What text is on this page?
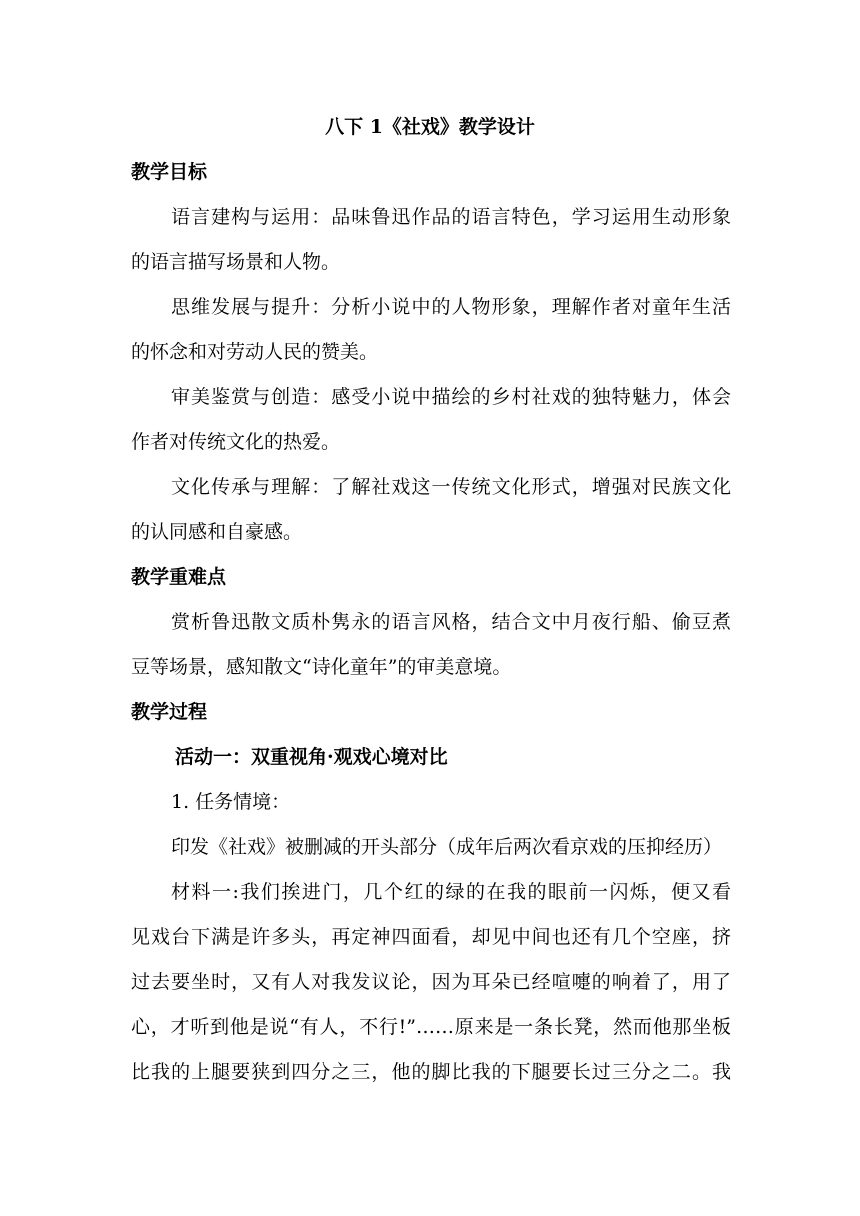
八下 1《社戏》教学设计
教学目标
语言建构与运用：品味鲁迅作品的语言特色，学习运用生动形象
的语言描写场景和人物。
思维发展与提升：分析小说中的人物形象，理解作者对童年生活
的怀念和对劳动人民的赞美。
审美鉴赏与创造：感受小说中描绘的乡村社戏的独特魅力，体会
作者对传统文化的热爱。
文化传承与理解：了解社戏这一传统文化形式，增强对民族文化
的认同感和自豪感。
教学重难点
赏析鲁迅散文质朴隽永的语言风格，结合文中月夜行船、偷豆煮
豆等场景，感知散文“诗化童年”的审美意境。
教学过程
活动一：双重视角·观戏心境对比
1. 任务情境：
印发《社戏》被删减的开头部分（成年后两次看京戏的压抑经历）
材料一:我们挨进门，几个红的绿的在我的眼前一闪烁，便又看
见戏台下满是许多头，再定神四面看，却见中间也还有几个空座，挤
过去要坐时，又有人对我发议论，因为耳朵已经喧嚏的响着了，用了
心，才听到他是说“有人，不行!”……原来是一条长凳，然而他那坐板
比我的上腿要狭到四分之三，他的脚比我的下腿要长过三分之二。我
